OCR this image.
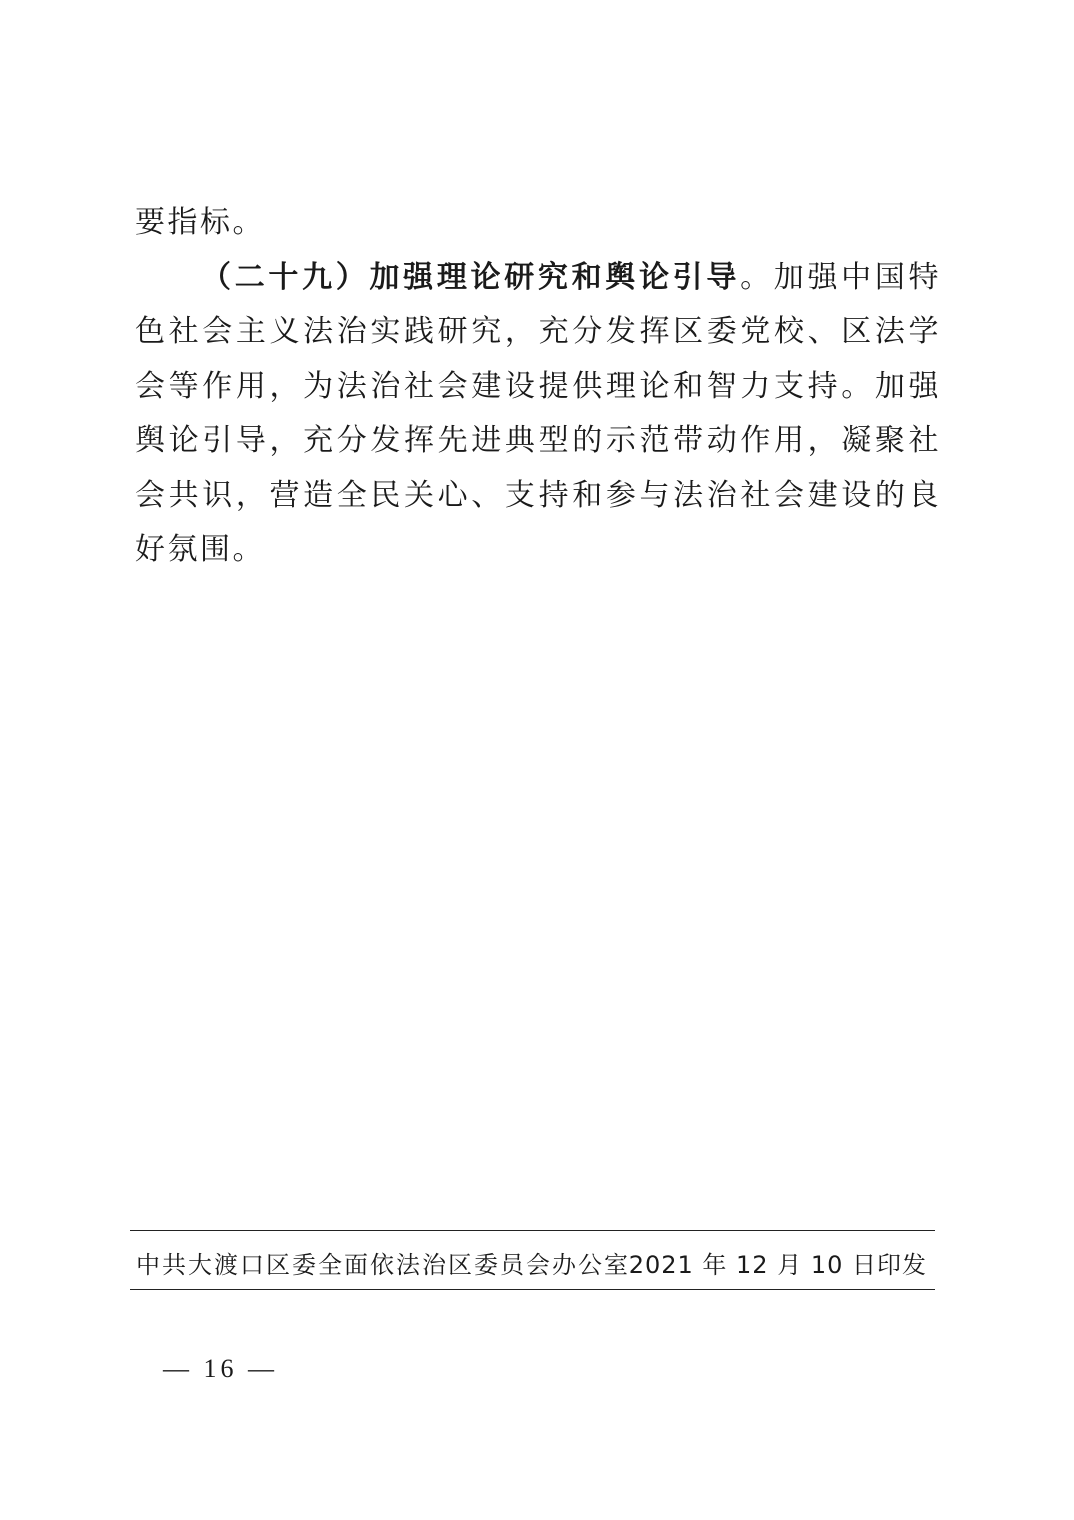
要指标。

（二十九）加强理论研究和舆论引导。加强中国特色社会主义法治实践研究，充分发挥区委党校、区法学会等作用，为法治社会建设提供理论和智力支持。加强舆论引导，充分发挥先进典型的示范带动作用，凝聚社会共识，营造全民关心、支持和参与法治社会建设的良好氛围。

中共大渡口区委全面依法治区委员会办公室
2021 年 12 月 10 日印发
— 16 —
